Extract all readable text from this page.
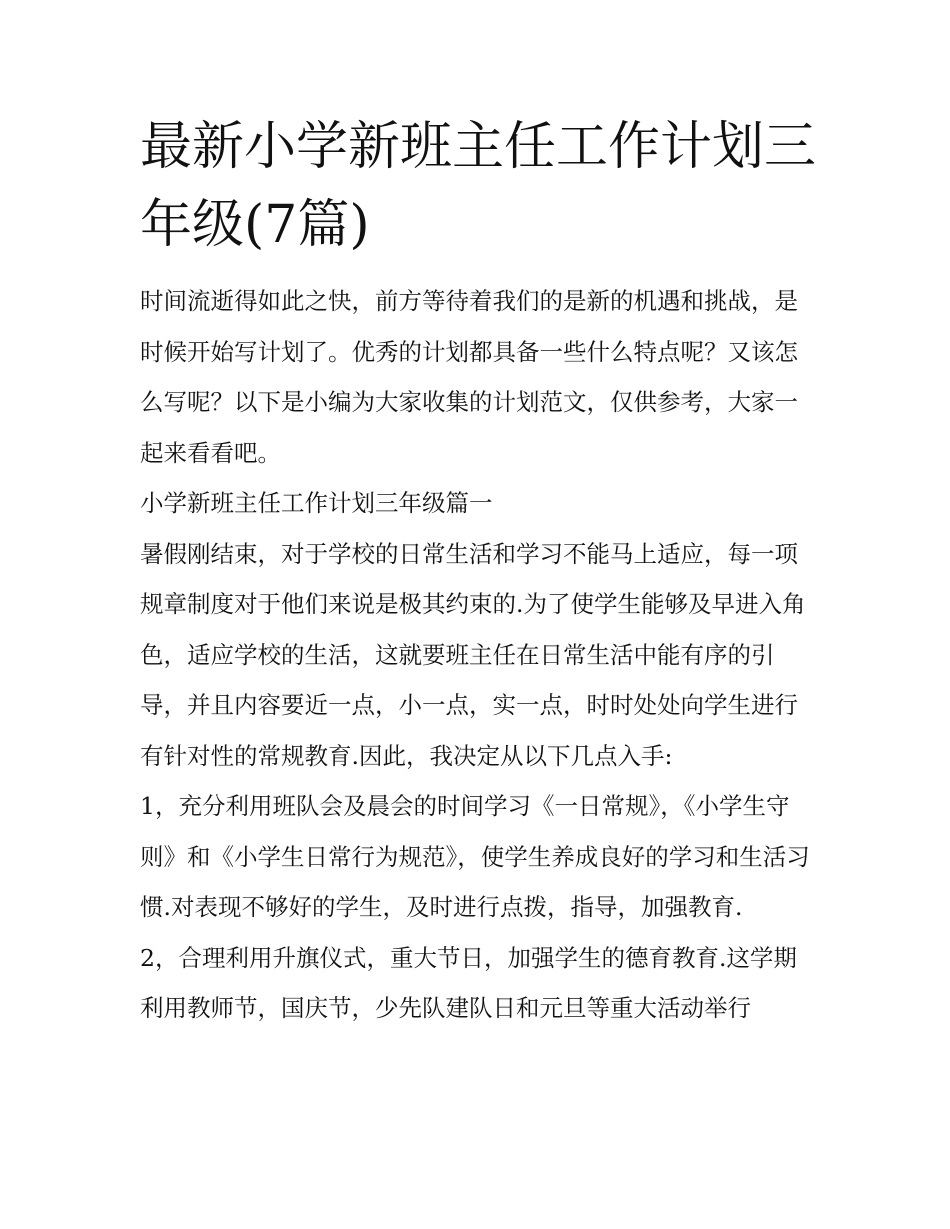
最新小学新班主任工作计划三年级(7篇)

时间流逝得如此之快，前方等待着我们的是新的机遇和挑战，是时候开始写计划了。优秀的计划都具备一些什么特点呢？又该怎么写呢？以下是小编为大家收集的计划范文，仅供参考，大家一起来看看吧。

小学新班主任工作计划三年级篇一

暑假刚结束，对于学校的日常生活和学习不能马上适应，每一项规章制度对于他们来说是极其约束的.为了使学生能够及早进入角色，适应学校的生活，这就要班主任在日常生活中能有序的引导，并且内容要近一点，小一点，实一点，时时处处向学生进行有针对性的常规教育.因此，我决定从以下几点入手:

1，充分利用班队会及晨会的时间学习《一日常规》，《小学生守则》和《小学生日常行为规范》，使学生养成良好的学习和生活习惯.对表现不够好的学生，及时进行点拨，指导，加强教育.

2，合理利用升旗仪式，重大节日，加强学生的德育教育.这学期利用教师节，国庆节，少先队建队日和元旦等重大活动举行
